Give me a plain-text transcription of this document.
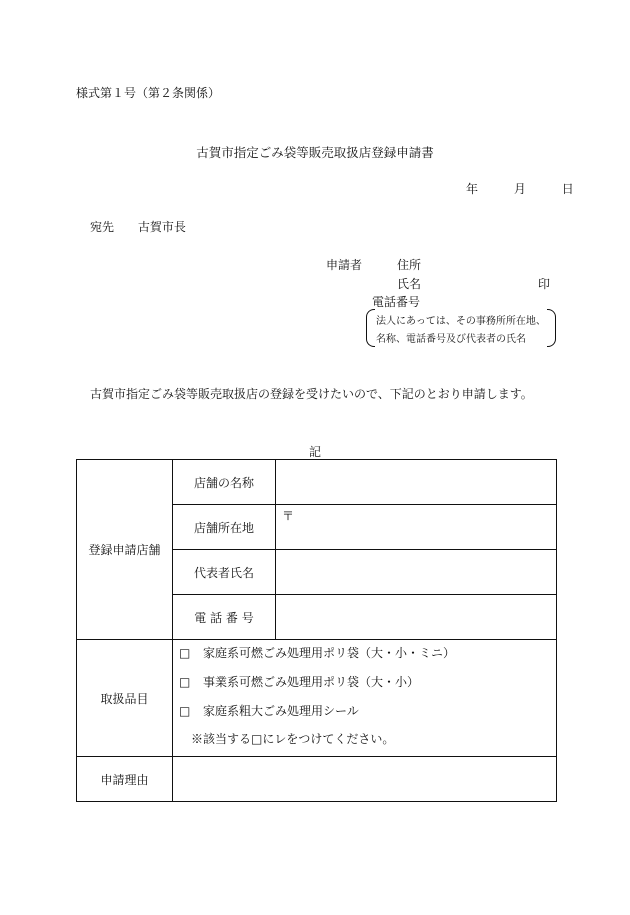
様式第１号（第２条関係）
古賀市指定ごみ袋等販売取扱店登録申請書
年	月	日
宛先 古賀市長
申請者	住所
氏名	印
電話番号
法人にあっては、その事務所所在地、
名称、電話番号及び代表者の氏名
古賀市指定ごみ袋等販売取扱店の登録を受けたいので、下記のとおり申請します。
記
登録申請店舗	店舗の名称	
	店舗所在地	〒

	代表者氏名	
	電 話 番 号	
取扱品目	□ 家庭系可燃ごみ処理用ポリ袋（大・小・ミニ）
□ 事業系可燃ごみ処理用ポリ袋（大・小）
□ 家庭系粗大ごみ処理用シール
※該当する□にレをつけてください。	

申請理由		
